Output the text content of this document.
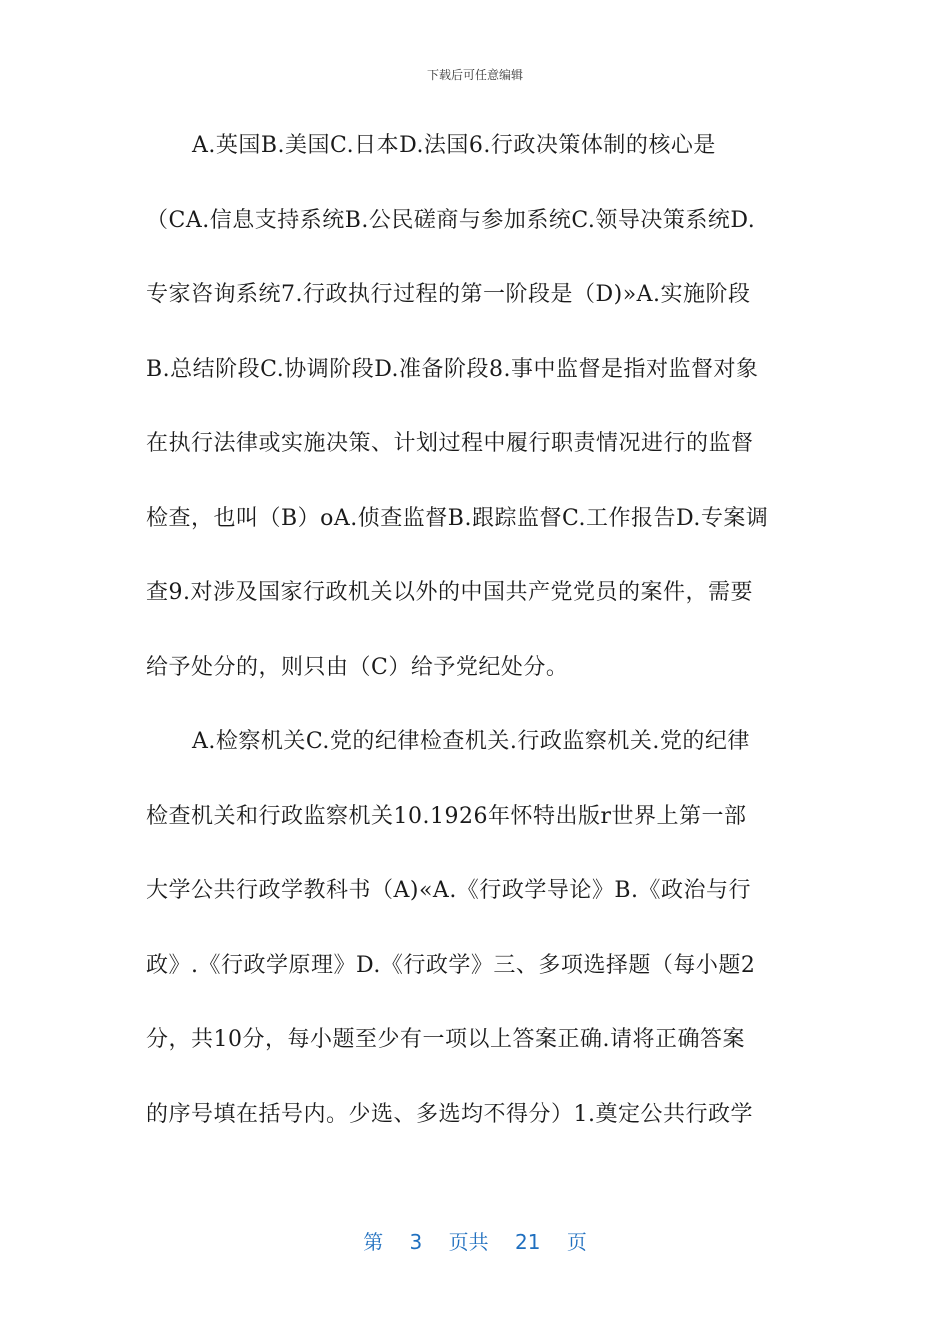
下载后可任意编辑
A.英国B.美国C.日本D.法国6.行政决策体制的核心是
（CA.信息支持系统B.公民磋商与参加系统C.领导决策系统D.
专家咨询系统7.行政执行过程的第一阶段是（D)»A.实施阶段
B.总结阶段C.协调阶段D.准备阶段8.事中监督是指对监督对象
在执行法律或实施决策、计划过程中履行职责情况进行的监督
检查，也叫（B）oA.侦查监督B.跟踪监督C.工作报告D.专案调
查9.对涉及国家行政机关以外的中国共产党党员的案件，需要
给予处分的，则只由（C）给予党纪处分。
A.检察机关C.党的纪律检查机关.行政监察机关.党的纪律
检查机关和行政监察机关10.1926年怀特出版r世界上第一部
大学公共行政学教科书（A)«A.《行政学导论》B.《政治与行
政》.《行政学原理》D.《行政学》三、多项选择题（每小题2
分，共10分，每小题至少有一项以上答案正确.请将正确答案
的序号填在括号内。少选、多选均不得分）1.奠定公共行政学
第 3 页共 21 页
